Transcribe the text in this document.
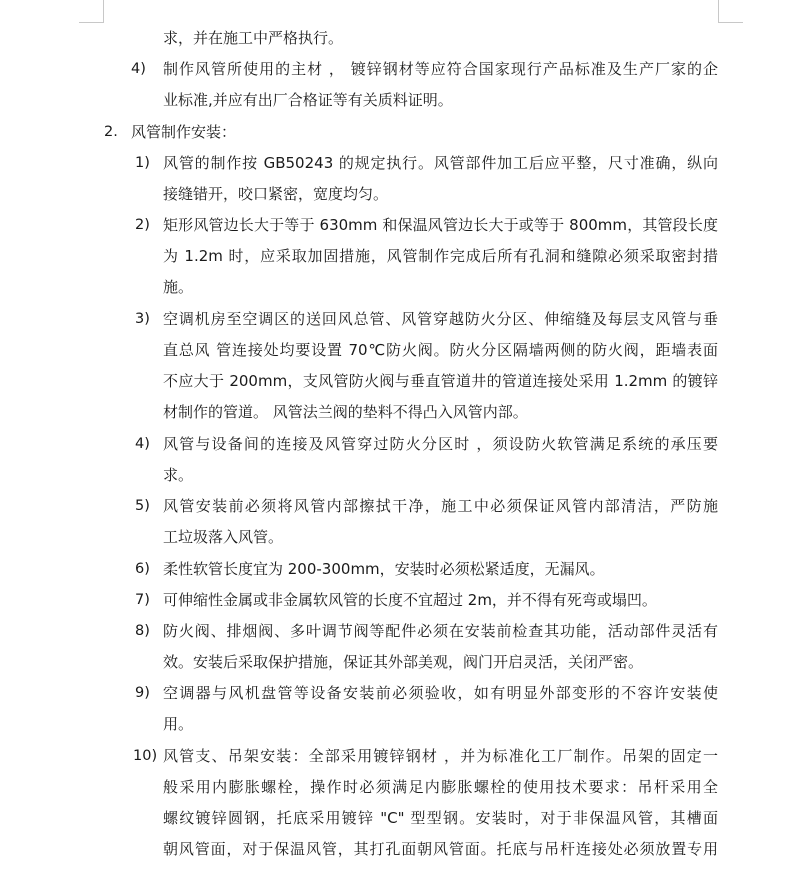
求，并在施工中严格执行。
4) 制作风管所使用的主材 ， 镀锌钢材等应符合国家现行产品标准及生产厂家的企
业标准,并应有出厂合格证等有关质料证明。
2. 风管制作安装：
1) 风管的制作按 GB50243 的规定执行。风管部件加工后应平整，尺寸准确，纵向
接缝错开，咬口紧密，宽度均匀。
2) 矩形风管边长大于等于 630mm 和保温风管边长大于或等于 800mm，其管段长度
为 1.2m 时，应采取加固措施，风管制作完成后所有孔洞和缝隙必须采取密封措
施。
3) 空调机房至空调区的送回风总管、风管穿越防火分区、伸缩缝及每层支风管与垂
直总风 管连接处均要设置 70℃防火阀。防火分区隔墙两侧的防火阀，距墙表面
不应大于 200mm，支风管防火阀与垂直管道井的管道连接处采用 1.2mm 的镀锌
材制作的管道。 风管法兰阀的垫料不得凸入风管内部。
4) 风管与设备间的连接及风管穿过防火分区时 ，须设防火软管满足系统的承压要
求。
5) 风管安装前必须将风管内部擦拭干净，施工中必须保证风管内部清洁，严防施
工垃圾落入风管。
6) 柔性软管长度宜为 200-300mm，安装时必须松紧适度，无漏风。
7) 可伸缩性金属或非金属软风管的长度不宜超过 2m，并不得有死弯或塌凹。
8) 防火阀、排烟阀、多叶调节阀等配件必须在安装前检查其功能，活动部件灵活有
效。安装后采取保护措施，保证其外部美观，阀门开启灵活，关闭严密。
9) 空调器与风机盘管等设备安装前必须验收，如有明显外部变形的不容许安装使
用。
10) 风管支、吊架安装：全部采用镀锌钢材 ，并为标准化工厂制作。吊架的固定一
般采用内膨胀螺栓，操作时必须满足内膨胀螺栓的使用技术要求：吊杆采用全
螺纹镀锌圆钢，托底采用镀锌 "C" 型型钢。安装时，对于非保温风管，其槽面
朝风管面，对于保温风管，其打孔面朝风管面。托底与吊杆连接处必须放置专用
